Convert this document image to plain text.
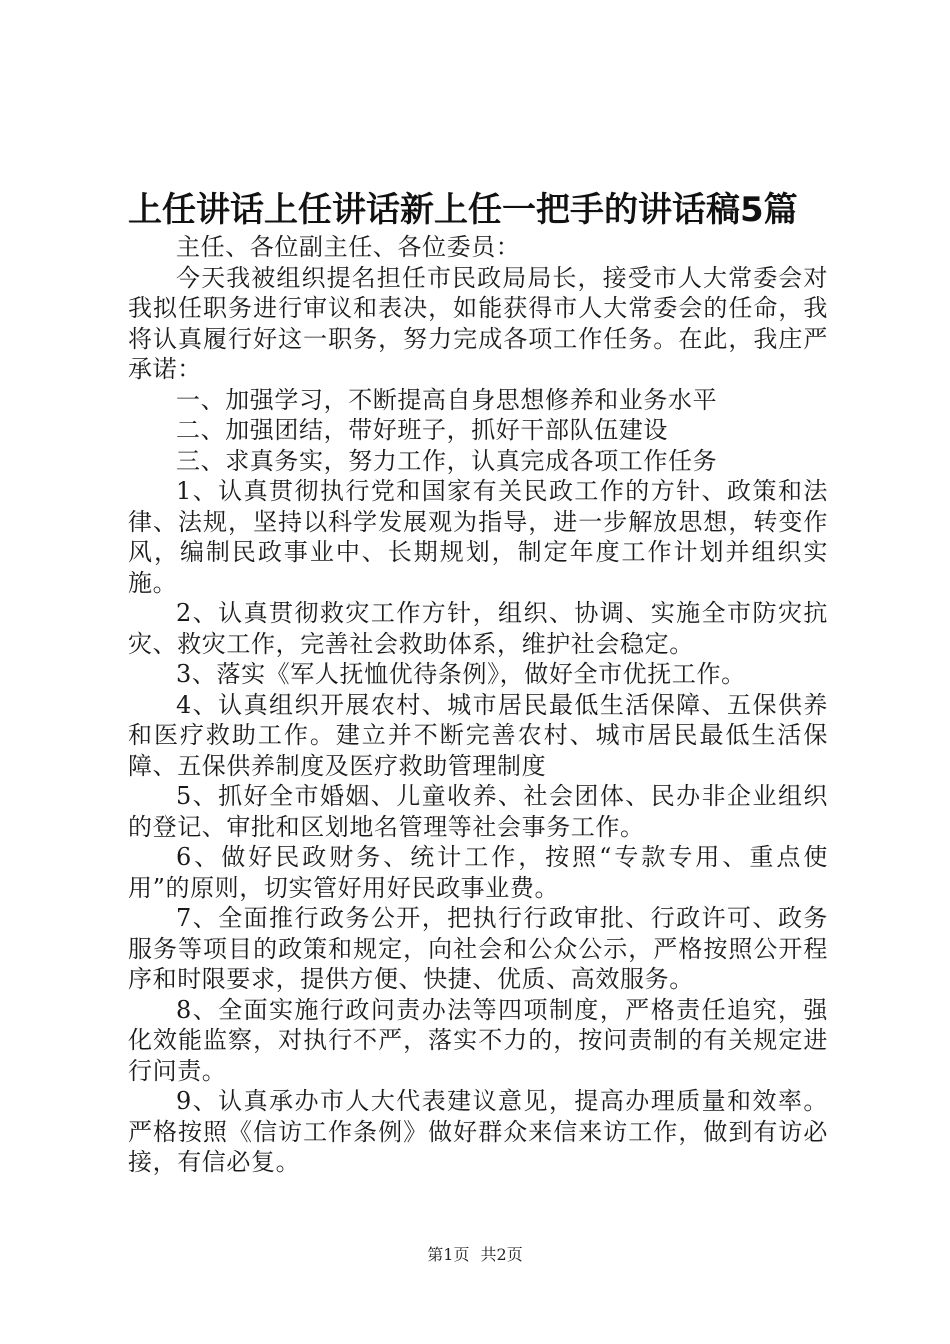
上任讲话上任讲话新上任一把手的讲话稿5篇

主任、各位副主任、各位委员：

今天我被组织提名担任市民政局局长，接受市人大常委会对我拟任职务进行审议和表决，如能获得市人大常委会的任命，我将认真履行好这一职务，努力完成各项工作任务。在此，我庄严承诺：

一、加强学习，不断提高自身思想修养和业务水平

二、加强团结，带好班子，抓好干部队伍建设

三、求真务实，努力工作，认真完成各项工作任务

1、认真贯彻执行党和国家有关民政工作的方针、政策和法律、法规，坚持以科学发展观为指导，进一步解放思想，转变作风，编制民政事业中、长期规划，制定年度工作计划并组织实施。

2、认真贯彻救灾工作方针，组织、协调、实施全市防灾抗灾、救灾工作，完善社会救助体系，维护社会稳定。

3、落实《军人抚恤优待条例》，做好全市优抚工作。

4、认真组织开展农村、城市居民最低生活保障、五保供养和医疗救助工作。建立并不断完善农村、城市居民最低生活保障、五保供养制度及医疗救助管理制度

5、抓好全市婚姻、儿童收养、社会团体、民办非企业组织的登记、审批和区划地名管理等社会事务工作。

6、做好民政财务、统计工作，按照“专款专用、重点使用”的原则，切实管好用好民政事业费。

7、全面推行政务公开，把执行行政审批、行政许可、政务服务等项目的政策和规定，向社会和公众公示，严格按照公开程序和时限要求，提供方便、快捷、优质、高效服务。

8、全面实施行政问责办法等四项制度，严格责任追究，强化效能监察，对执行不严，落实不力的，按问责制的有关规定进行问责。

9、认真承办市人大代表建议意见，提高办理质量和效率。严格按照《信访工作条例》做好群众来信来访工作，做到有访必接，有信必复。

第1页 共2页
